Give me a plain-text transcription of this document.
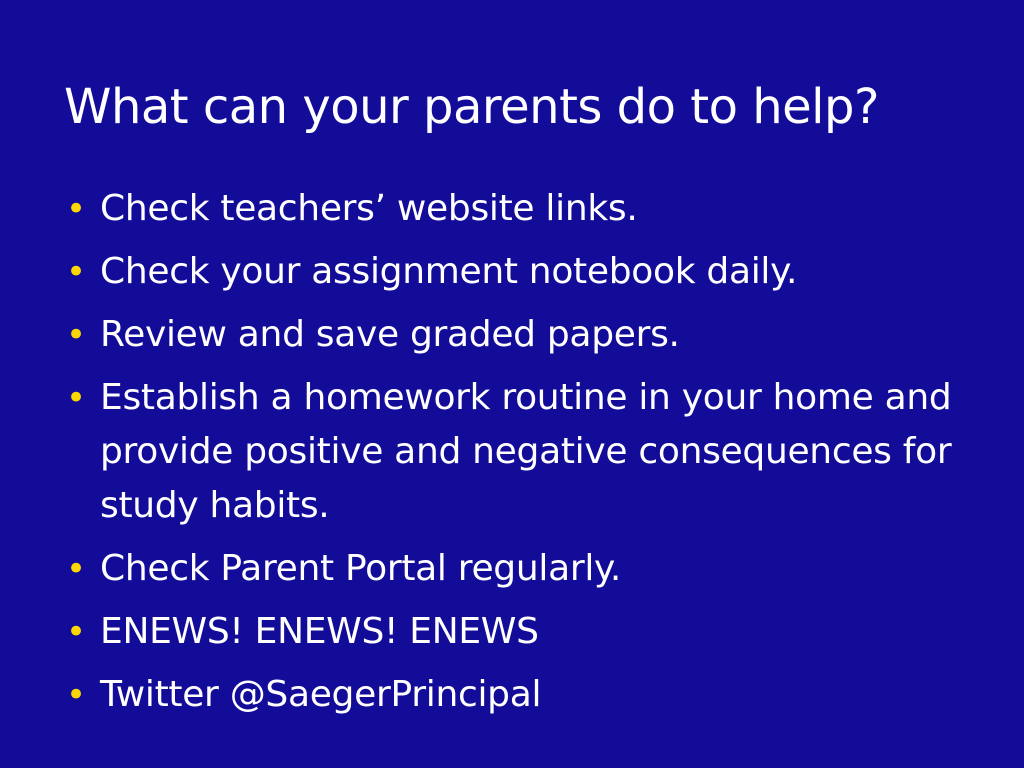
What can your parents do to help?
• Check teachers’ website links.
• Check your assignment notebook daily.
• Review and save graded papers.
• Establish a homework routine in your home and provide positive and negative consequences for study habits.
• Check Parent Portal regularly.
• ENEWS! ENEWS! ENEWS
• Twitter @SaegerPrincipal
